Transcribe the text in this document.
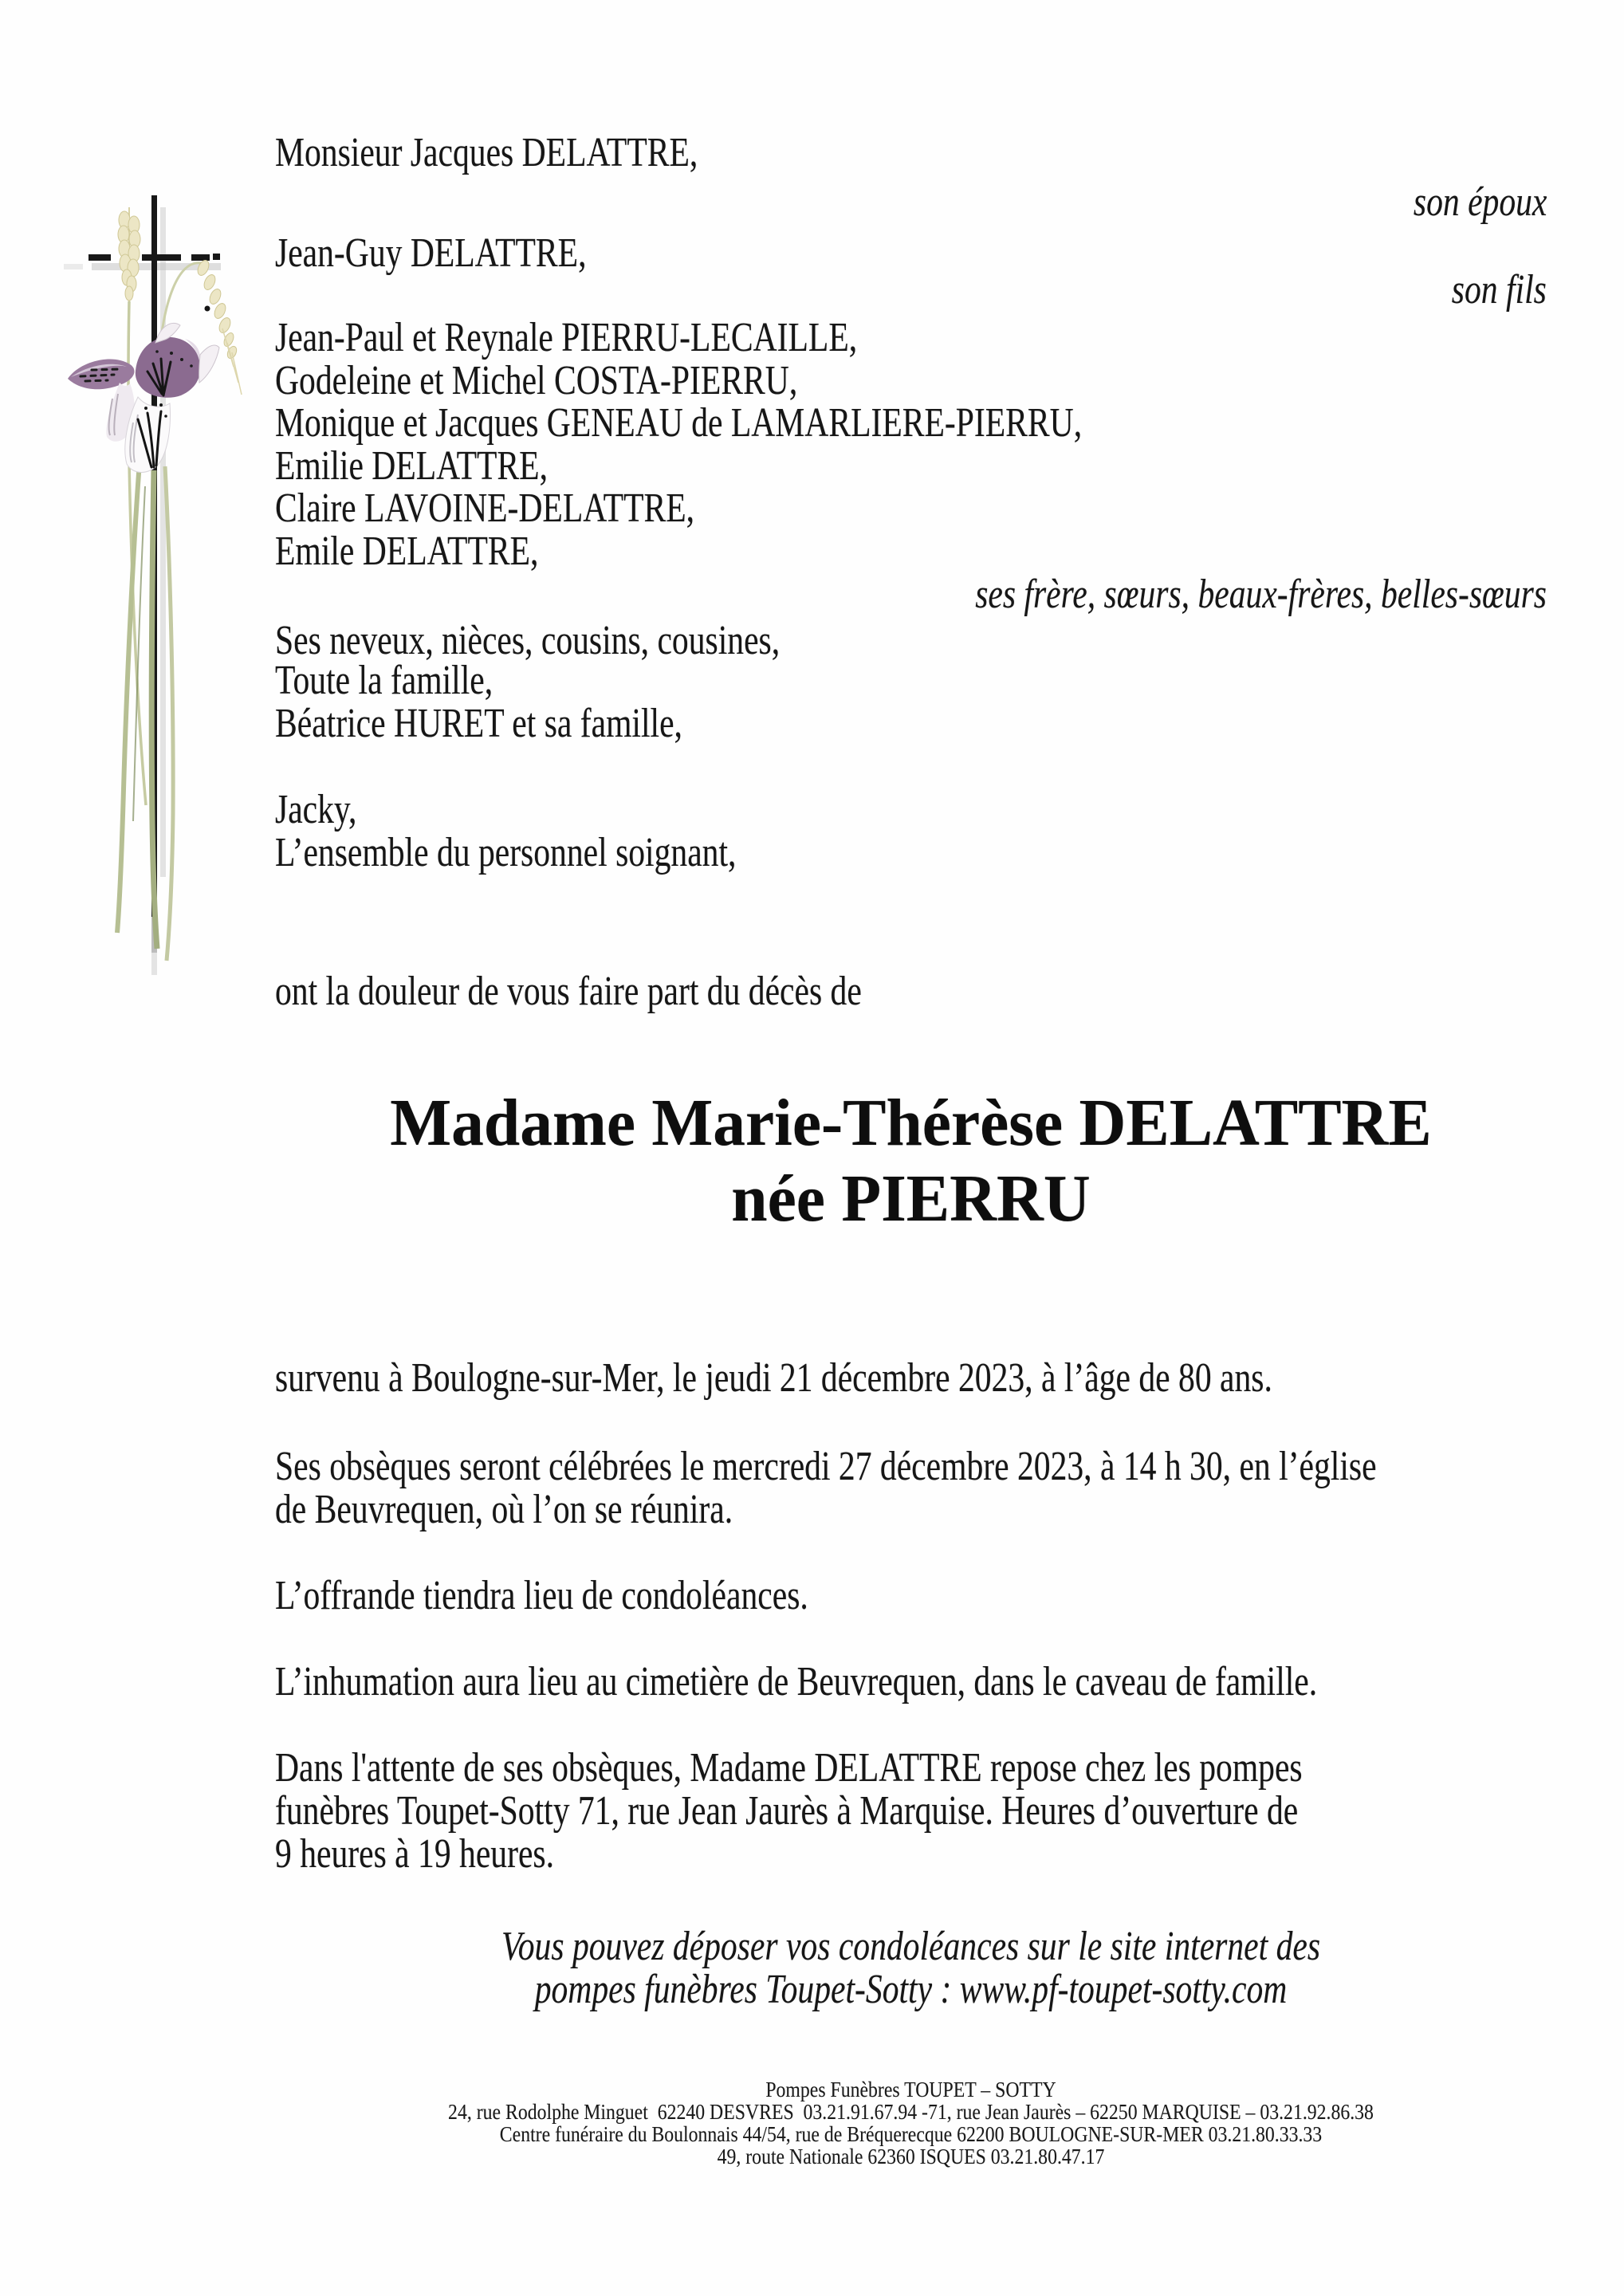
Monsieur Jacques DELATTRE,
son époux
Jean-Guy DELATTRE,
son fils
Jean-Paul et Reynale PIERRU-LECAILLE,
Godeleine et Michel COSTA-PIERRU,
Monique et Jacques GENEAU de LAMARLIERE-PIERRU,
Emilie DELATTRE,
Claire LAVOINE-DELATTRE,
Emile DELATTRE,
ses frère, sœurs, beaux-frères, belles-sœurs
Ses neveux, nièces, cousins, cousines,
Toute la famille,
Béatrice HURET et sa famille,
Jacky,
L’ensemble du personnel soignant,
ont la douleur de vous faire part du décès de
Madame Marie-Thérèse DELATTRE
née PIERRU
survenu à Boulogne-sur-Mer, le jeudi 21 décembre 2023, à l’âge de 80 ans.
Ses obsèques seront célébrées le mercredi 27 décembre 2023, à 14 h 30, en l’église
de Beuvrequen, où l’on se réunira.
L’offrande tiendra lieu de condoléances.
L’inhumation aura lieu au cimetière de Beuvrequen, dans le caveau de famille.
Dans l'attente de ses obsèques, Madame DELATTRE repose chez les pompes
funèbres Toupet-Sotty 71, rue Jean Jaurès à Marquise. Heures d’ouverture de
9 heures à 19 heures.
Vous pouvez déposer vos condoléances sur le site internet des
pompes funèbres Toupet-Sotty : www.pf-toupet-sotty.com
Pompes Funèbres TOUPET – SOTTY
24, rue Rodolphe Minguet  62240 DESVRES  03.21.91.67.94 -71, rue Jean Jaurès – 62250 MARQUISE – 03.21.92.86.38
Centre funéraire du Boulonnais 44/54, rue de Bréquerecque 62200 BOULOGNE-SUR-MER 03.21.80.33.33
49, route Nationale 62360 ISQUES 03.21.80.47.17
